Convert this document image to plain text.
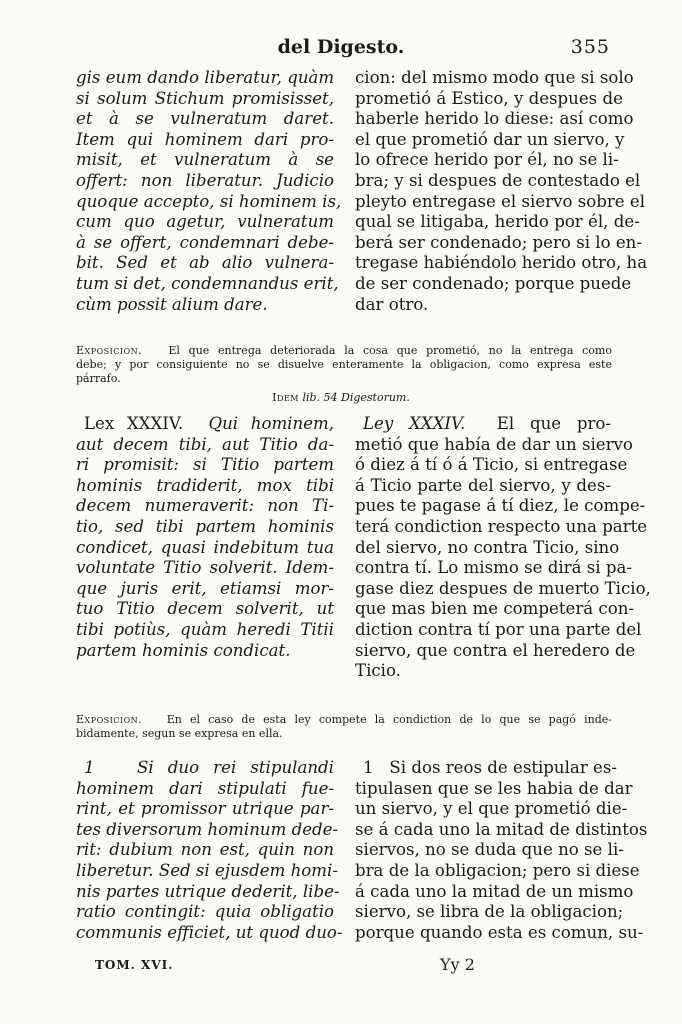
del Digesto.	355
gis eum dando liberatur, quàm
si solum Stichum promisisset,
et à se vulneratum daret.
Item qui hominem dari pro-
misit, et vulneratum à se
offert: non liberatur. Judicio
quoque accepto, si hominem is,
cum quo agetur, vulneratum
à se offert, condemnari debe-
bit. Sed et ab alio vulnera-
tum si det, condemnandus erit,
cùm possit alium dare.
cion: del mismo modo que si solo
prometió á Estico, y despues de
haberle herido lo diese: así como
el que prometió dar un siervo, y
lo ofrece herido por él, no se li-
bra; y si despues de contestado el
pleyto entregase el siervo sobre el
qual se litigaba, herido por él, de-
berá ser condenado; pero si lo en-
tregase habiéndolo herido otro, ha
de ser condenado; porque puede
dar otro.
Exposicion. El que entrega deteriorada la cosa que prometió, no la entrega como
debe; y por consiguiente no se disuelve enteramente la obligacion, como expresa este
párrafo.
Idem lib. 54 Digestorum.
Lex XXXIV. Qui hominem,
aut decem tibi, aut Titio da-
ri promisit: si Titio partem
hominis tradiderit, mox tibi
decem numeraverit: non Ti-
tio, sed tibi partem hominis
condicet, quasi indebitum tua
voluntate Titio solverit. Idem-
que juris erit, etiamsi mor-
tuo Titio decem solverit, ut
tibi potiùs, quàm heredi Titii
partem hominis condicat.
Ley XXXIV. El que pro-
metió que había de dar un siervo
ó diez á tí ó á Ticio, si entregase
á Ticio parte del siervo, y des-
pues te pagase á tí diez, le compe-
terá condiction respecto una parte
del siervo, no contra Ticio, sino
contra tí. Lo mismo se dirá si pa-
gase diez despues de muerto Ticio,
que mas bien me competerá con-
diction contra tí por una parte del
siervo, que contra el heredero de
Ticio.
Exposicion. En el caso de esta ley compete la condiction de lo que se pagó inde-
bidamente, segun se expresa en ella.
1	Si duo rei stipulandi
hominem dari stipulati fue-
rint, et promissor utrique par-
tes diversorum hominum dede-
rit: dubium non est, quin non
liberetur. Sed si ejusdem homi-
nis partes utrique dederit, libe-
ratio contingit: quia obligatio
communis efficiet, ut quod duo-
1 Si dos reos de estipular es-
tipulasen que se les habia de dar
un siervo, y el que prometió die-
se á cada uno la mitad de distintos
siervos, no se duda que no se li-
bra de la obligacion; pero si diese
á cada uno la mitad de un mismo
siervo, se libra de la obligacion;
porque quando esta es comun, su-
TOM. XVI.	Yy 2
